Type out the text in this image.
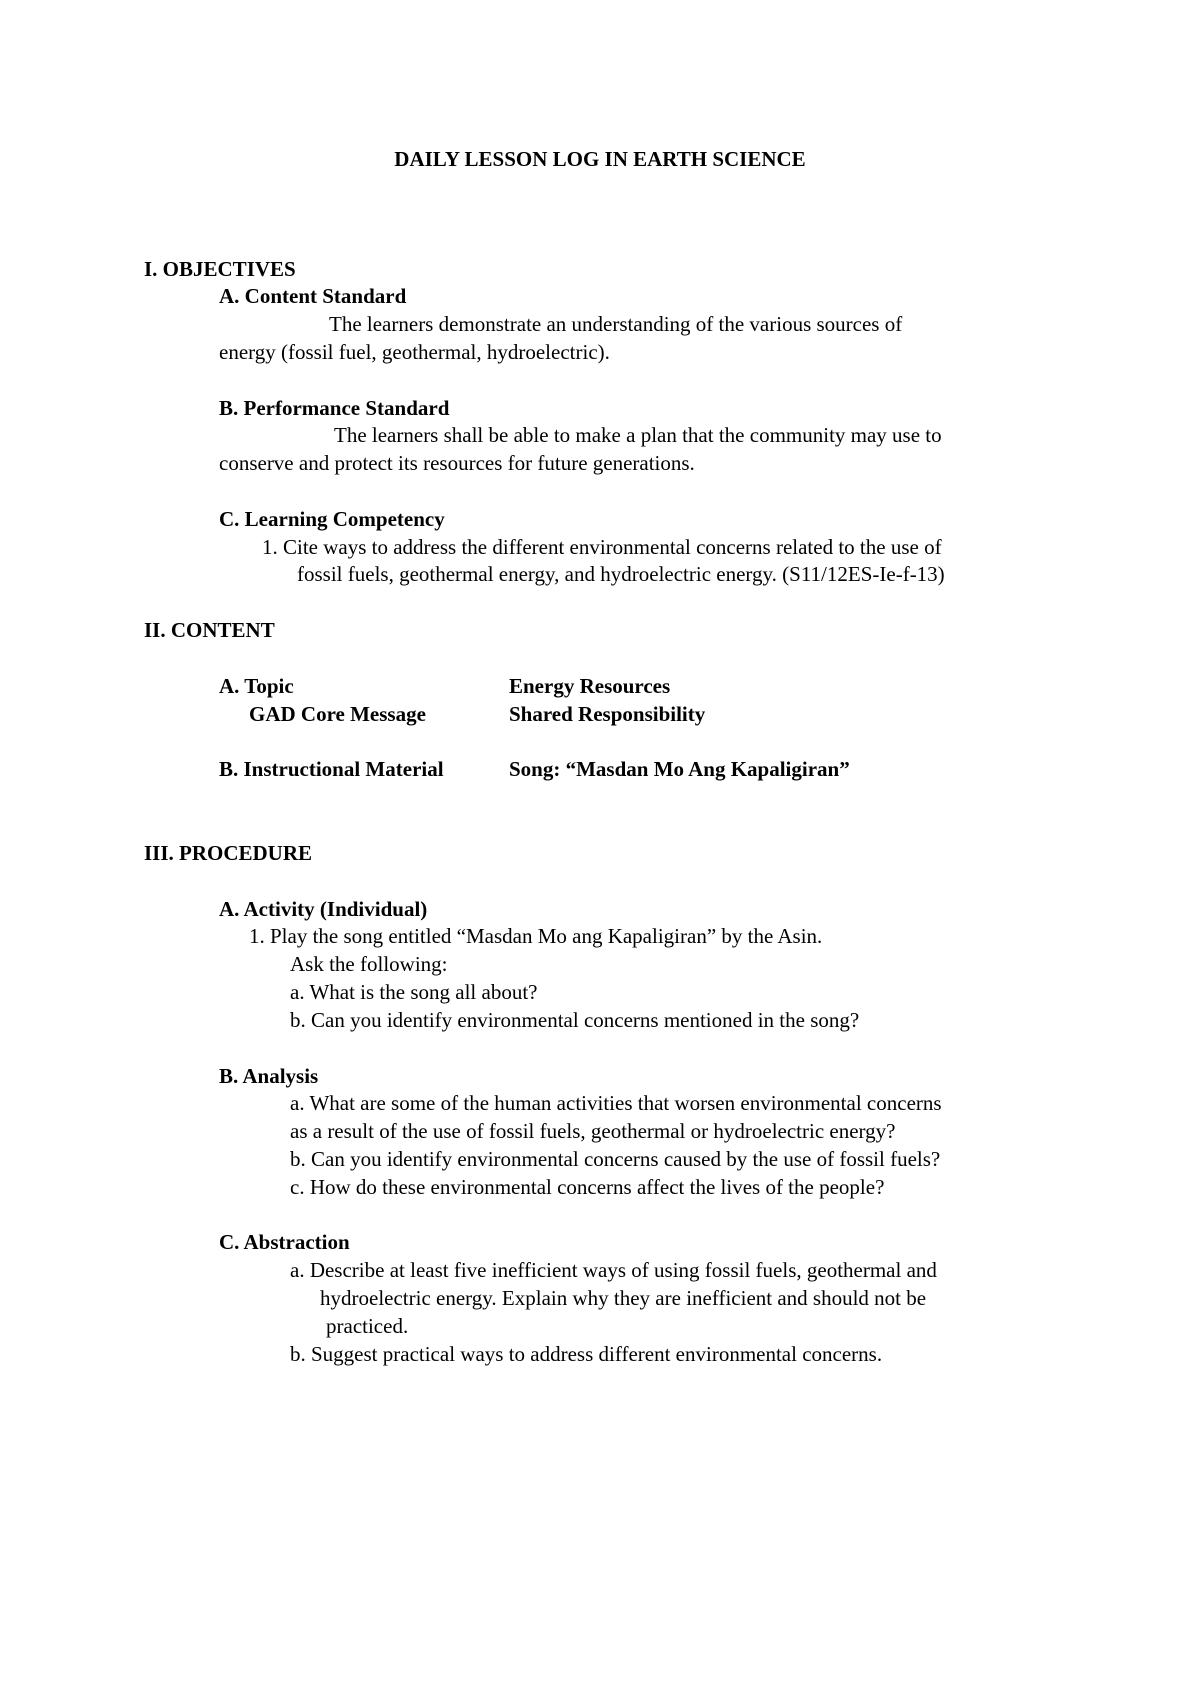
DAILY LESSON LOG IN EARTH SCIENCE
I. OBJECTIVES
A. Content Standard
The learners demonstrate an understanding of the various sources of
energy (fossil fuel, geothermal, hydroelectric).
B. Performance Standard
The learners shall be able to make a plan that the community may use to
conserve and protect its resources for future generations.
C. Learning Competency
1. Cite ways to address the different environmental concerns related to the use of
fossil fuels, geothermal energy, and hydroelectric energy. (S11/12ES-Ie-f-13)
II. CONTENT
A. Topic	Energy Resources
GAD Core Message	Shared Responsibility
B. Instructional Material	Song: “Masdan Mo Ang Kapaligiran”
III. PROCEDURE
A. Activity (Individual)
1. Play the song entitled “Masdan Mo ang Kapaligiran” by the Asin.
Ask the following:
a. What is the song all about?
b. Can you identify environmental concerns mentioned in the song?
B. Analysis
a. What are some of the human activities that worsen environmental concerns
as a result of the use of fossil fuels, geothermal or hydroelectric energy?
b. Can you identify environmental concerns caused by the use of fossil fuels?
c. How do these environmental concerns affect the lives of the people?
C. Abstraction
a. Describe at least five inefficient ways of using fossil fuels, geothermal and
hydroelectric energy. Explain why they are inefficient and should not be
practiced.
b. Suggest practical ways to address different environmental concerns.
